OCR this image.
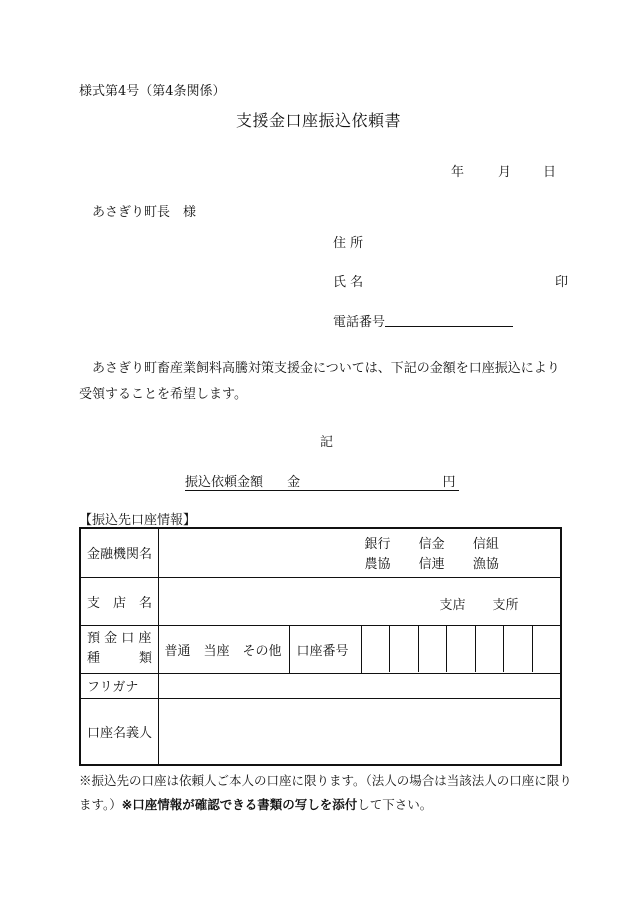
様式第4号（第4条関係）
支援金口座振込依頼書
年	月 日
あさぎり町長　様
住 所
氏 名	印
電話番号
あさぎり町畜産業飼料高騰対策支援金については、下記の金額を口座振込により受領することを希望します。
記
振込依頼金額 金	円
【振込先口座情報】
金融機関名	銀行 信金 信組
農協 信連 漁協		

支　店　名	支店 支所		

預 金 口 座
種　　　類	普通　当座　その他	口座番号	

フリガナ			
口座名義人			
※振込先の口座は依頼人ご本人の口座に限ります。（法人の場合は当該法人の口座に限り
ます。）※口座情報が確認できる書類の写しを添付して下さい。
